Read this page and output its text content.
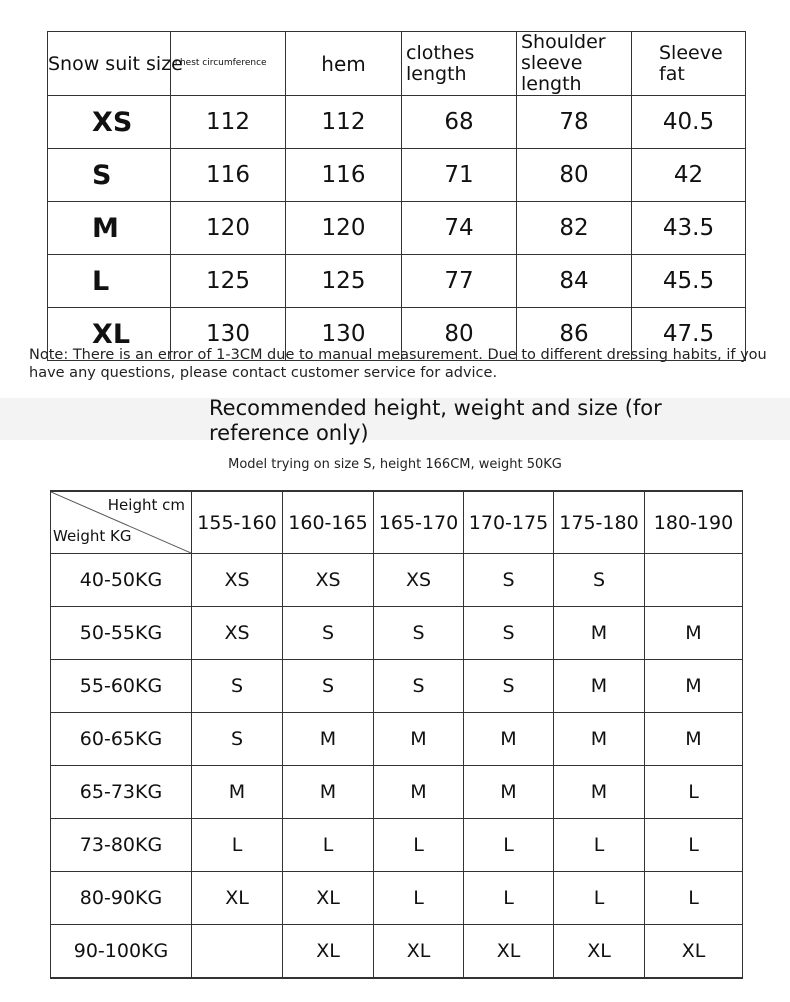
Snow suit size	chest circumference	hem	clothes length	Shoulder sleeve length	Sleeve fat
XS	112	112	68	78	40.5
S	116	116	71	80	42
M	120	120	74	82	43.5
L	125	125	77	84	45.5
XL	130	130	80	86	47.5
Note: There is an error of 1-3CM due to manual measurement. Due to different dressing habits, if you have any questions, please contact customer service for advice.
Recommended height, weight and size (for reference only)
Model trying on size S, height 166CM, weight 50KG
Height cm
Weight KG	155-160	160-165	165-170	170-175	175-180	180-190
40-50KG	XS	XS	XS	S	S	
50-55KG	XS	S	S	S	M	M
55-60KG	S	S	S	S	M	M
60-65KG	S	M	M	M	M	M
65-73KG	M	M	M	M	M	L
73-80KG	L	L	L	L	L	L
80-90KG	XL	XL	L	L	L	L
90-100KG		XL	XL	XL	XL	XL
